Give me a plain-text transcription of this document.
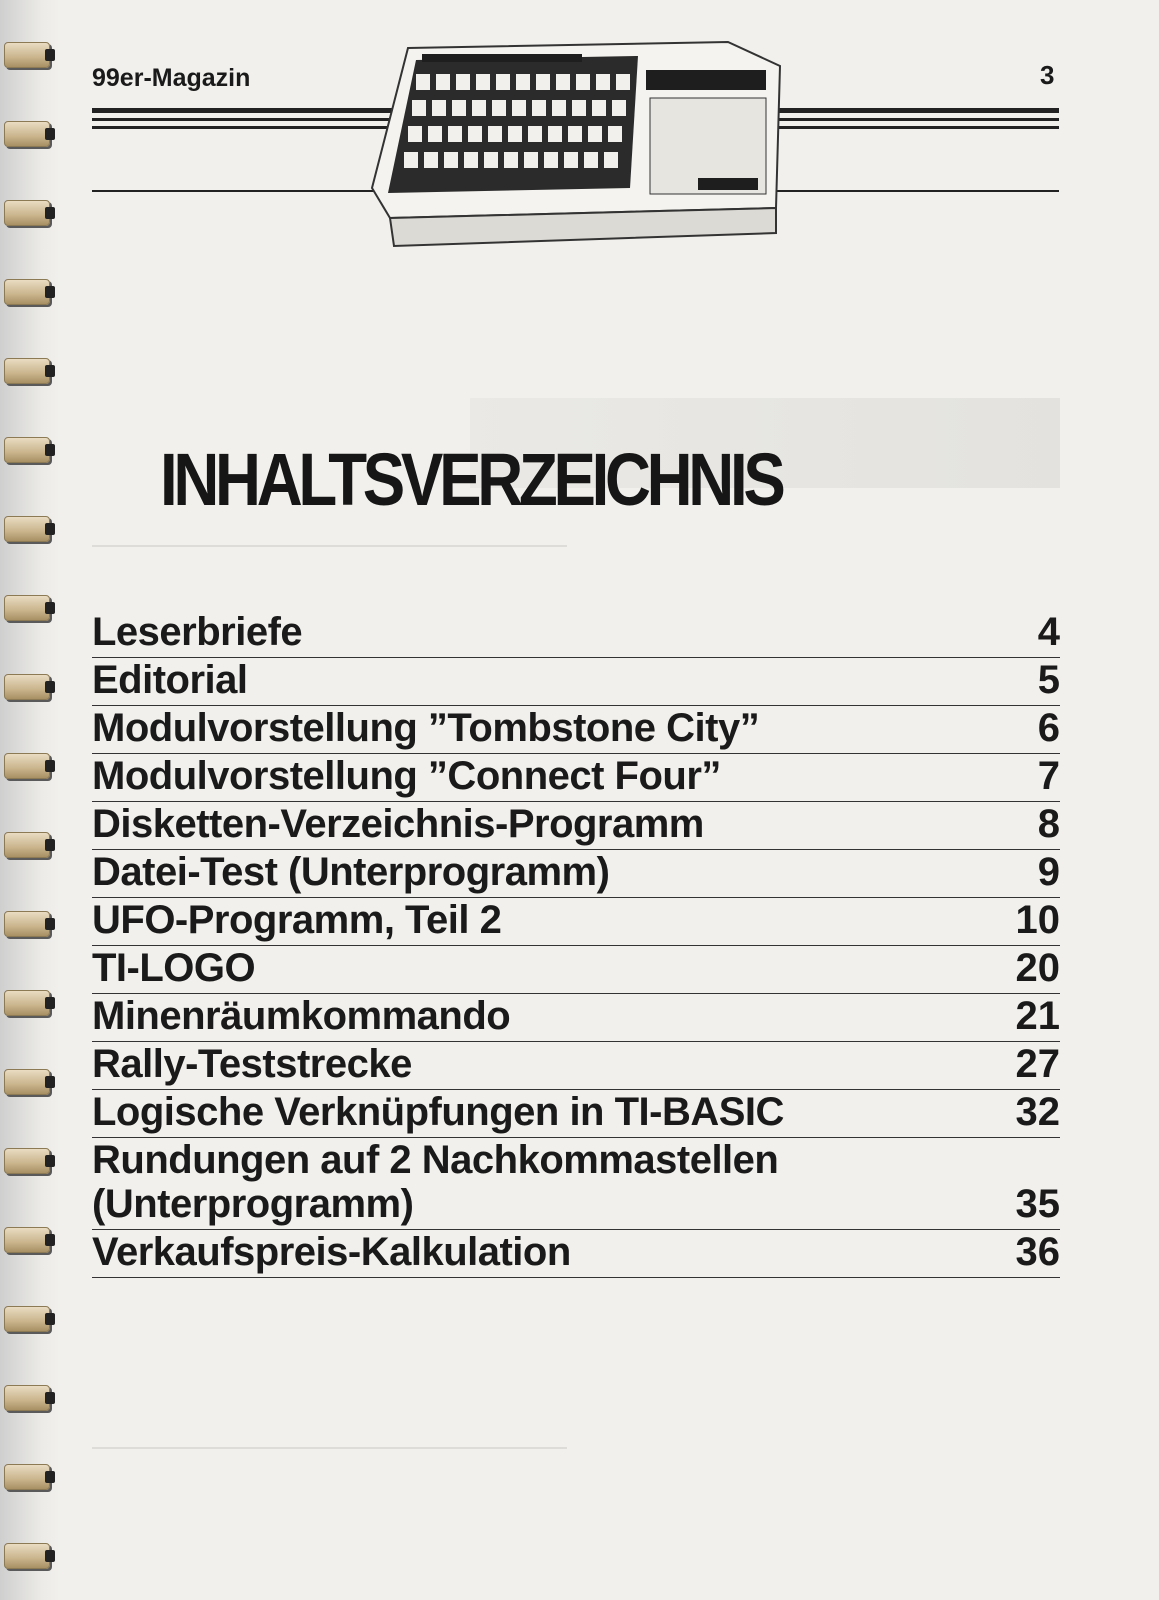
99er-Magazin	3
INHALTSVERZEICHNIS
Leserbriefe	4
Editorial	5
Modulvorstellung ”Tombstone City”	6
Modulvorstellung ”Connect Four”	7
Disketten-Verzeichnis-Programm	8
Datei-Test (Unterprogramm)	9
UFO-Programm, Teil 2	10
TI-LOGO	20
Minenräumkommando	21
Rally-Teststrecke	27
Logische Verknüpfungen in TI-BASIC	32
Rundungen auf 2 Nachkommastellen
(Unterprogramm)	35
Verkaufspreis-Kalkulation	36
